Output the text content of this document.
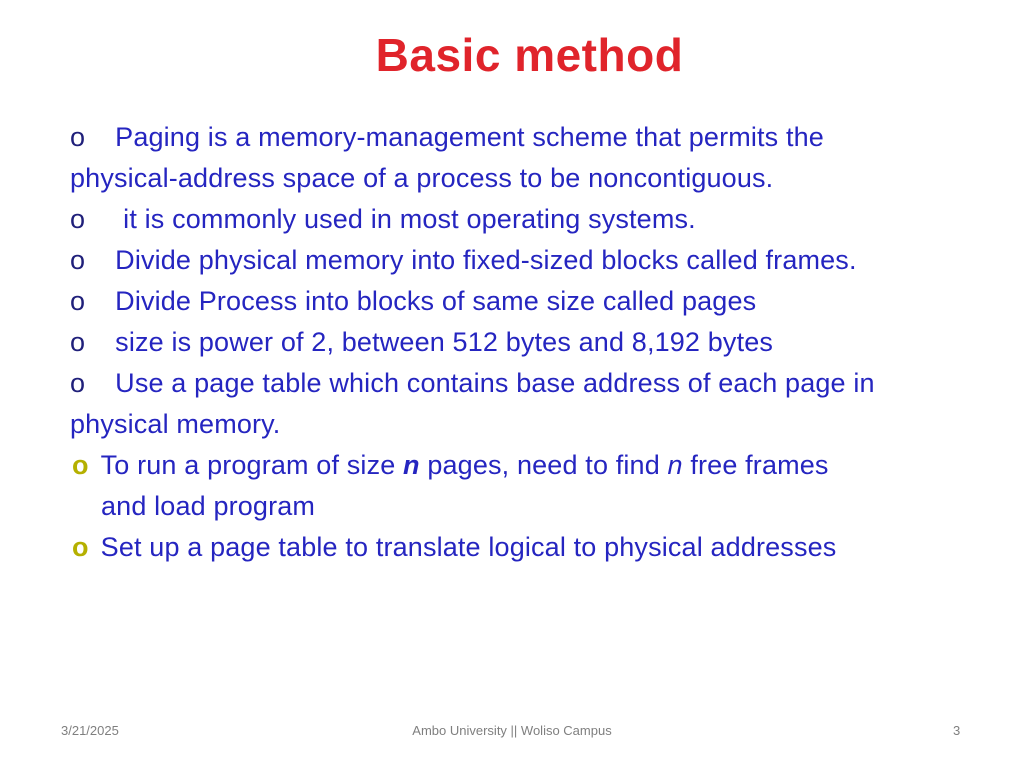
Basic method
o Paging is a memory-management scheme that permits the
physical-address space of a process to be noncontiguous.
o it is commonly used in most operating systems.
o Divide physical memory into fixed-sized blocks called frames.
o Divide Process into blocks of same size called pages
o size is power of 2, between 512 bytes and 8,192 bytes
o Use a page table which contains base address of each page in
physical memory.
o To run a program of size n pages, need to find n free frames
and load program
o Set up a page table to translate logical to physical addresses
3/21/2025	Ambo University || Woliso Campus	3
